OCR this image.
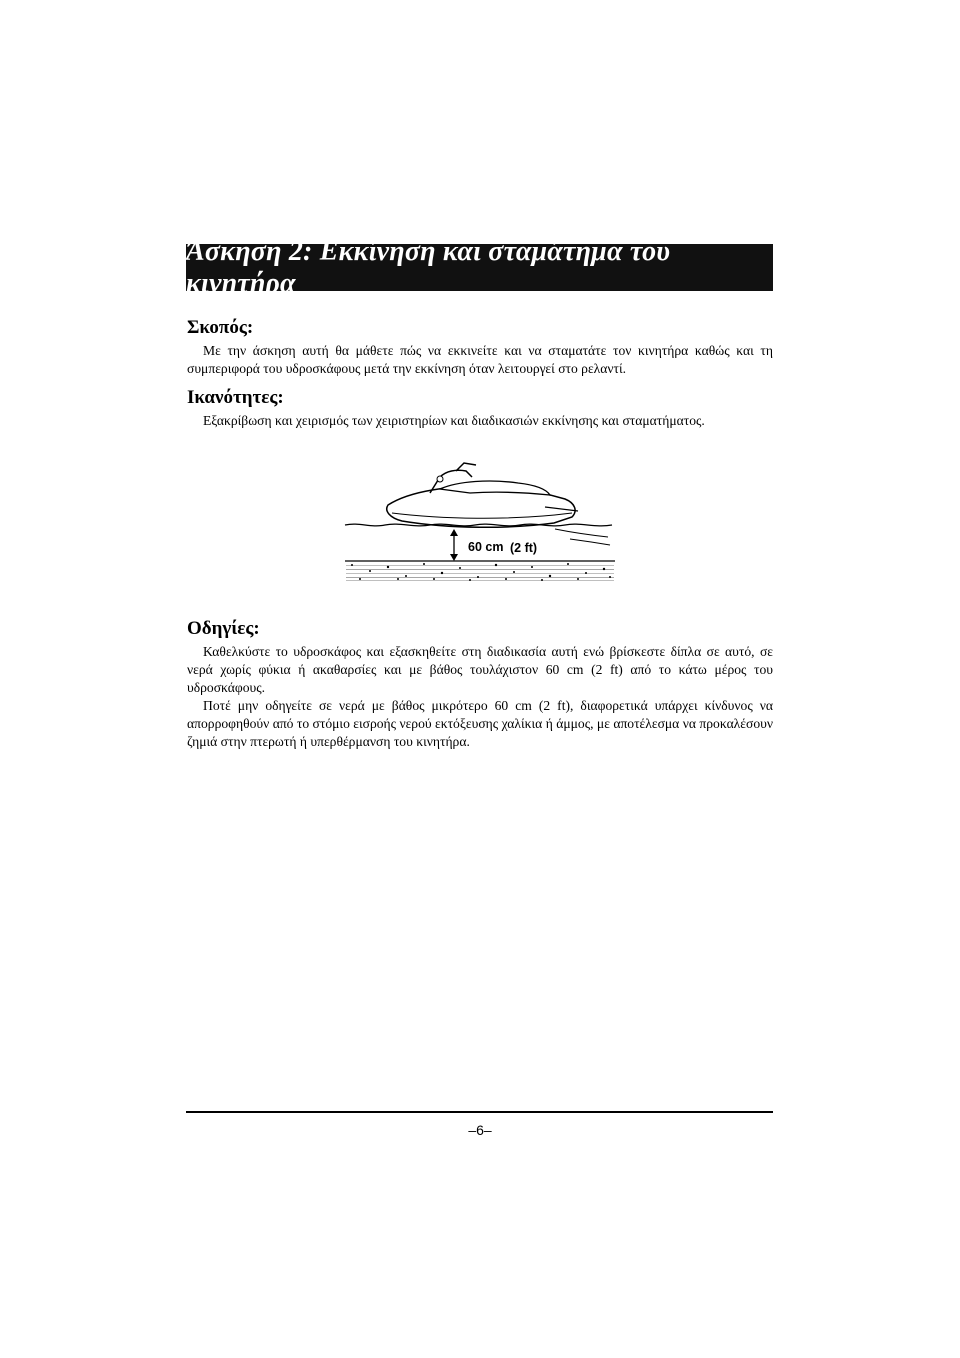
Άσκηση 2: Εκκίνηση και σταμάτημα του κινητήρα

Σκοπός:

Με την άσκηση αυτή θα μάθετε πώς να εκκινείτε και να σταματάτε τον κινητήρα καθώς και τη συμπεριφορά του υδροσκάφους μετά την εκκίνηση όταν λειτουργεί στο ρελαντί.

Ικανότητες:

Εξακρίβωση και χειρισμός των χειριστηρίων και διαδικασιών εκκίνησης και σταματήματος.

60 cm (2 ft)

Οδηγίες:

Καθελκύστε το υδροσκάφος και εξασκηθείτε στη διαδικασία αυτή ενώ βρίσκεστε δίπλα σε αυτό, σε νερά χωρίς φύκια ή ακαθαρσίες και με βάθος τουλάχιστον 60 cm (2 ft) από το κάτω μέρος του υδροσκάφους.

Ποτέ μην οδηγείτε σε νερά με βάθος μικρότερο 60 cm (2 ft), διαφορετικά υπάρχει κίνδυνος να απορροφηθούν από το στόμιο εισροής νερού εκτόξευσης χαλίκια ή άμμος, με αποτέλεσμα να προκαλέσουν ζημιά στην πτερωτή ή υπερθέρμανση του κινητήρα.

–6–
